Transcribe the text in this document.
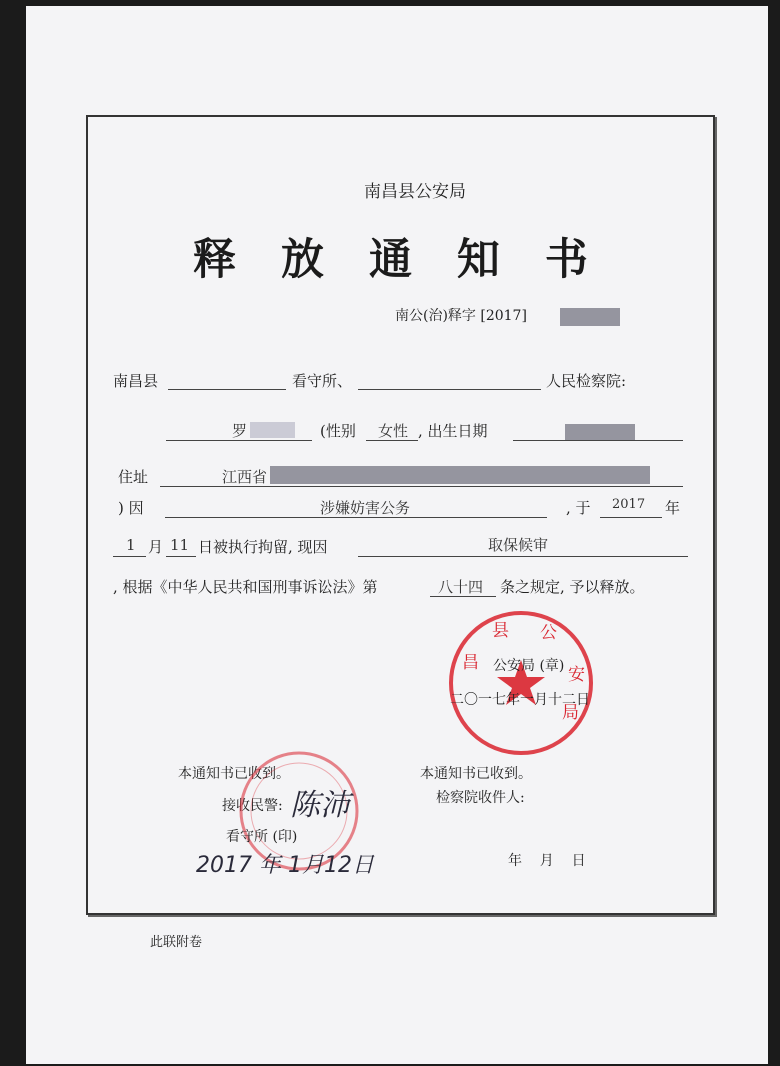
南昌县公安局
释 放 通 知 书
南公(治)释字 [2017]
南昌县	看守所、	人民检察院:
罗	(性别 女性 , 出生日期
住址	江西省
) 因	涉嫌妨害公务	, 于 2017 年
1 月 11 日被执行拘留, 现因	取保候审
, 根据《中华人民共和国刑事诉讼法》第	八十四 条之规定, 予以释放。
县 公
安
昌
局
公安局 (章)
二〇一七年一月十二日
本通知书已收到。
接收民警: 陈沛
看守所 (印)
2017 年 1月12日
本通知书已收到。
检察院收件人:
年    月    日
此联附卷
